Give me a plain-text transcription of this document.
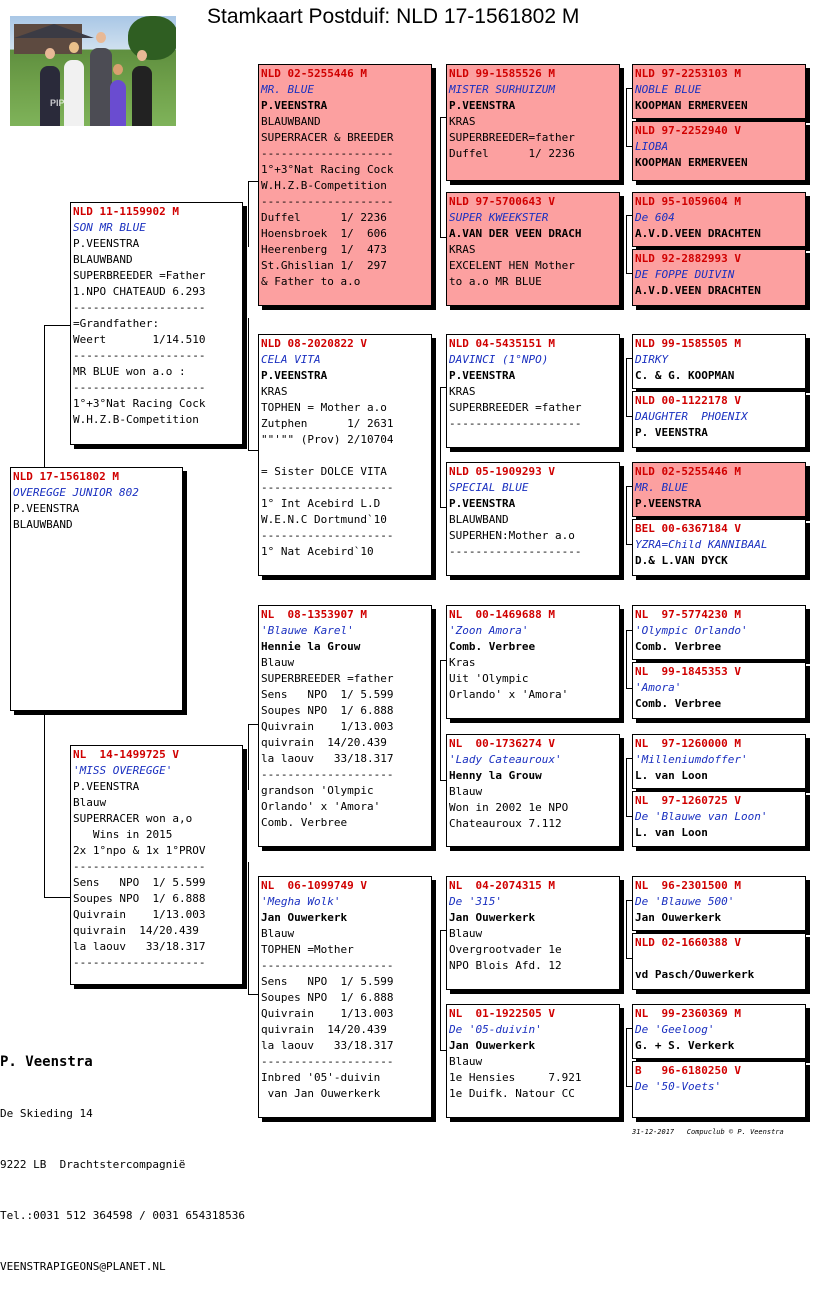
Stamkaart Postduif: NLD 17-1561802 M
PIP
NLD 17-1561802 M
OVEREGGE JUNIOR 802
P.VEENSTRA
BLAUWBAND
NLD 11-1159902 M
SON MR BLUE
P.VEENSTRA
BLAUWBAND
SUPERBREEDER =Father
1.NPO CHATEAUD 6.293
--------------------
=Grandfather:
Weert       1/14.510
--------------------
MR BLUE won a.o :
--------------------
1°+3°Nat Racing Cock
W.H.Z.B-Competition
NL  14-1499725 V
'MISS OVEREGGE'
P.VEENSTRA
Blauw
SUPERRACER won a,o
Wins in 2015
2x 1°npo & 1x 1°PROV
--------------------
Sens   NPO  1/ 5.599
Soupes NPO  1/ 6.888
Quivrain    1/13.003
quivrain  14/20.439
la laouv   33/18.317
--------------------
NLD 02-5255446 M
MR. BLUE
P.VEENSTRA
BLAUWBAND
SUPERRACER & BREEDER
--------------------
1°+3°Nat Racing Cock
W.H.Z.B-Competition
--------------------
Duffel      1/ 2236
Hoensbroek  1/  606
Heerenberg  1/  473
St.Ghislian 1/  297
& Father to a.o
NLD 08-2020822 V
CELA VITA
P.VEENSTRA
KRAS
TOPHEN = Mother a.o
Zutphen      1/ 2631
""'"" (Prov) 2/10704
= Sister DOLCE VITA
--------------------
1° Int Acebird L.D
W.E.N.C Dortmund`10
--------------------
1° Nat Acebird`10
NL  08-1353907 M
'Blauwe Karel'
Hennie la Grouw
Blauw
SUPERBREEDER =father
Sens   NPO  1/ 5.599
Soupes NPO  1/ 6.888
Quivrain    1/13.003
quivrain  14/20.439
la laouv   33/18.317
--------------------
grandson 'Olympic
Orlando' x 'Amora'
Comb. Verbree
NL  06-1099749 V
'Megha Wolk'
Jan Ouwerkerk
Blauw
TOPHEN =Mother
--------------------
Sens   NPO  1/ 5.599
Soupes NPO  1/ 6.888
Quivrain    1/13.003
quivrain  14/20.439
la laouv   33/18.317
--------------------
Inbred '05'-duivin
van Jan Ouwerkerk
NLD 99-1585526 M
MISTER SURHUIZUM
P.VEENSTRA
KRAS
SUPERBREEDER=father
Duffel      1/ 2236
NLD 97-5700643 V
SUPER KWEEKSTER
A.VAN DER VEEN DRACH
KRAS
EXCELENT HEN Mother
to a.o MR BLUE
NLD 04-5435151 M
DAVINCI (1°NPO)
P.VEENSTRA
KRAS
SUPERBREEDER =father
--------------------
NLD 05-1909293 V
SPECIAL BLUE
P.VEENSTRA
BLAUWBAND
SUPERHEN:Mother a.o
--------------------
NL  00-1469688 M
'Zoon Amora'
Comb. Verbree
Kras
Uit 'Olympic
Orlando' x 'Amora'
NL  00-1736274 V
'Lady Cateauroux'
Henny la Grouw
Blauw
Won in 2002 1e NPO
Chateauroux 7.112
NL  04-2074315 M
De '315'
Jan Ouwerkerk
Blauw
Overgrootvader 1e
NPO Blois Afd. 12
NL  01-1922505 V
De '05-duivin'
Jan Ouwerkerk
Blauw
1e Hensies     7.921
1e Duifk. Natour CC
NLD 97-2253103 M
NOBLE BLUE
KOOPMAN ERMERVEEN
NLD 97-2252940 V
LIOBA
KOOPMAN ERMERVEEN
NLD 95-1059604 M
De 604
A.V.D.VEEN DRACHTEN
NLD 92-2882993 V
DE FOPPE DUIVIN
A.V.D.VEEN DRACHTEN
NLD 99-1585505 M
DIRKY
C. & G. KOOPMAN
NLD 00-1122178 V
DAUGHTER  PHOENIX
P. VEENSTRA
NLD 02-5255446 M
MR. BLUE
P.VEENSTRA
BEL 00-6367184 V
YZRA=Child KANNIBAAL
D.& L.VAN DYCK
NL  97-5774230 M
'Olympic Orlando'
Comb. Verbree
NL  99-1845353 V
'Amora'
Comb. Verbree
NL  97-1260000 M
'Milleniumdoffer'
L. van Loon
NL  97-1260725 V
De 'Blauwe van Loon'
L. van Loon
NL  96-2301500 M
De 'Blauwe 500'
Jan Ouwerkerk
NLD 02-1660388 V
vd Pasch/Ouwerkerk
NL  99-2360369 M
De 'Geeloog'
G. + S. Verkerk
B   96-6180250 V
De '50-Voets'

P. Veenstra

De Skieding 14

9222 LB  Drachtstercompagnië

Tel.:0031 512 364598 / 0031 654318536

VEENSTRAPIGEONS@PLANET.NL

31-12-2017   Compuclub © P. Veenstra
